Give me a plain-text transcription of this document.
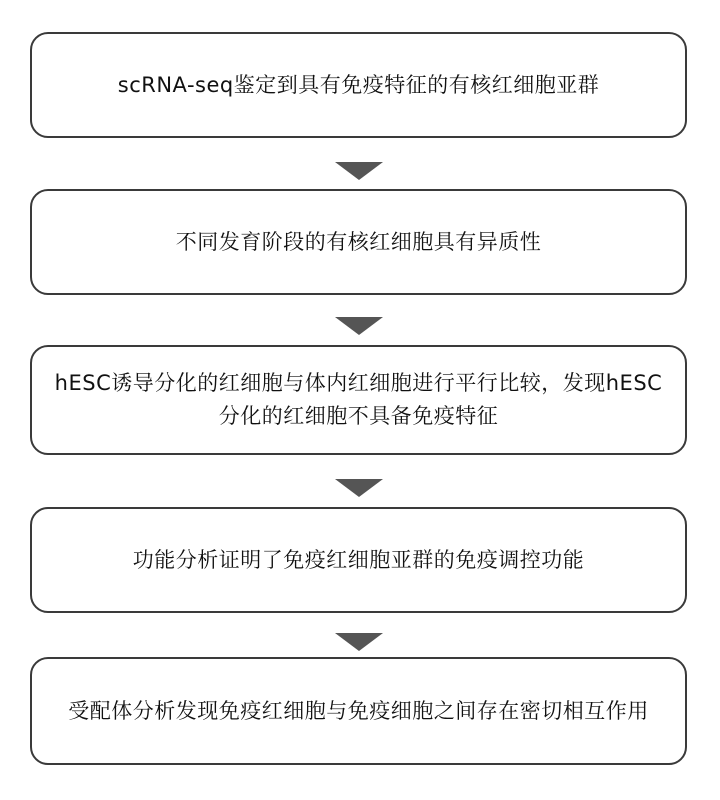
scRNA-seq鉴定到具有免疫特征的有核红细胞亚群
不同发育阶段的有核红细胞具有异质性
hESC诱导分化的红细胞与体内红细胞进行平行比较，发现hESC分化的红细胞不具备免疫特征
功能分析证明了免疫红细胞亚群的免疫调控功能
受配体分析发现免疫红细胞与免疫细胞之间存在密切相互作用
